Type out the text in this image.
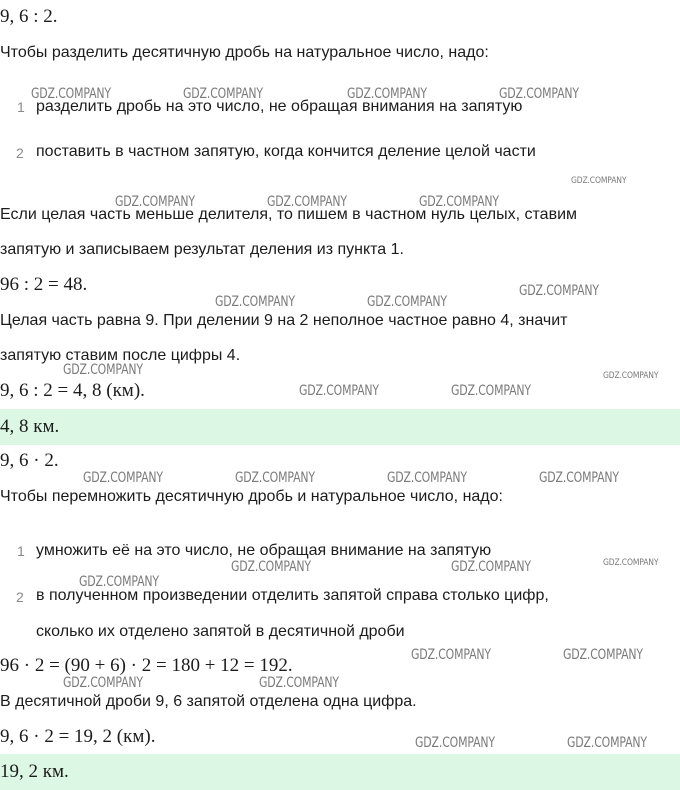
9, 6 : 2.
Чтобы разделить десятичную дробь на натуральное число, надо:
1 разделить дробь на это число, не обращая внимания на запятую
2 поставить в частном запятую, когда кончится деление целой части
Если целая часть меньше делителя, то пишем в частном нуль целых, ставим
запятую и записываем результат деления из пункта 1.
96 : 2 = 48.
Целая часть равна 9. При делении 9 на 2 неполное частное равно 4, значит
запятую ставим после цифры 4.
9, 6 : 2 = 4, 8 (км).
4, 8 км.
9, 6 · 2.
Чтобы перемножить десятичную дробь и натуральное число, надо:
1 умножить её на это число, не обращая внимание на запятую
2 в полученном произведении отделить запятой справа столько цифр,
сколько их отделено запятой в десятичной дроби
96 · 2 = (90 + 6) · 2 = 180 + 12 = 192.
В десятичной дроби 9, 6 запятой отделена одна цифра.
9, 6 · 2 = 19, 2 (км).
19, 2 км.
GDZ.COMPANY	GDZ.COMPANY	GDZ.COMPANY	GDZ.COMPANY
GDZ.COMPANY
GDZ.COMPANY	GDZ.COMPANY	GDZ.COMPANY
GDZ.COMPANY
GDZ.COMPANY	GDZ.COMPANY
GDZ.COMPANY	GDZ.COMPANY
GDZ.COMPANY	GDZ.COMPANY
GDZ.COMPANY	GDZ.COMPANY	GDZ.COMPANY	GDZ.COMPANY
GDZ.COMPANY
GDZ.COMPANY	GDZ.COMPANY
GDZ.COMPANY
GDZ.COMPANY	GDZ.COMPANY
GDZ.COMPANY	GDZ.COMPANY
GDZ.COMPANY	GDZ.COMPANY
